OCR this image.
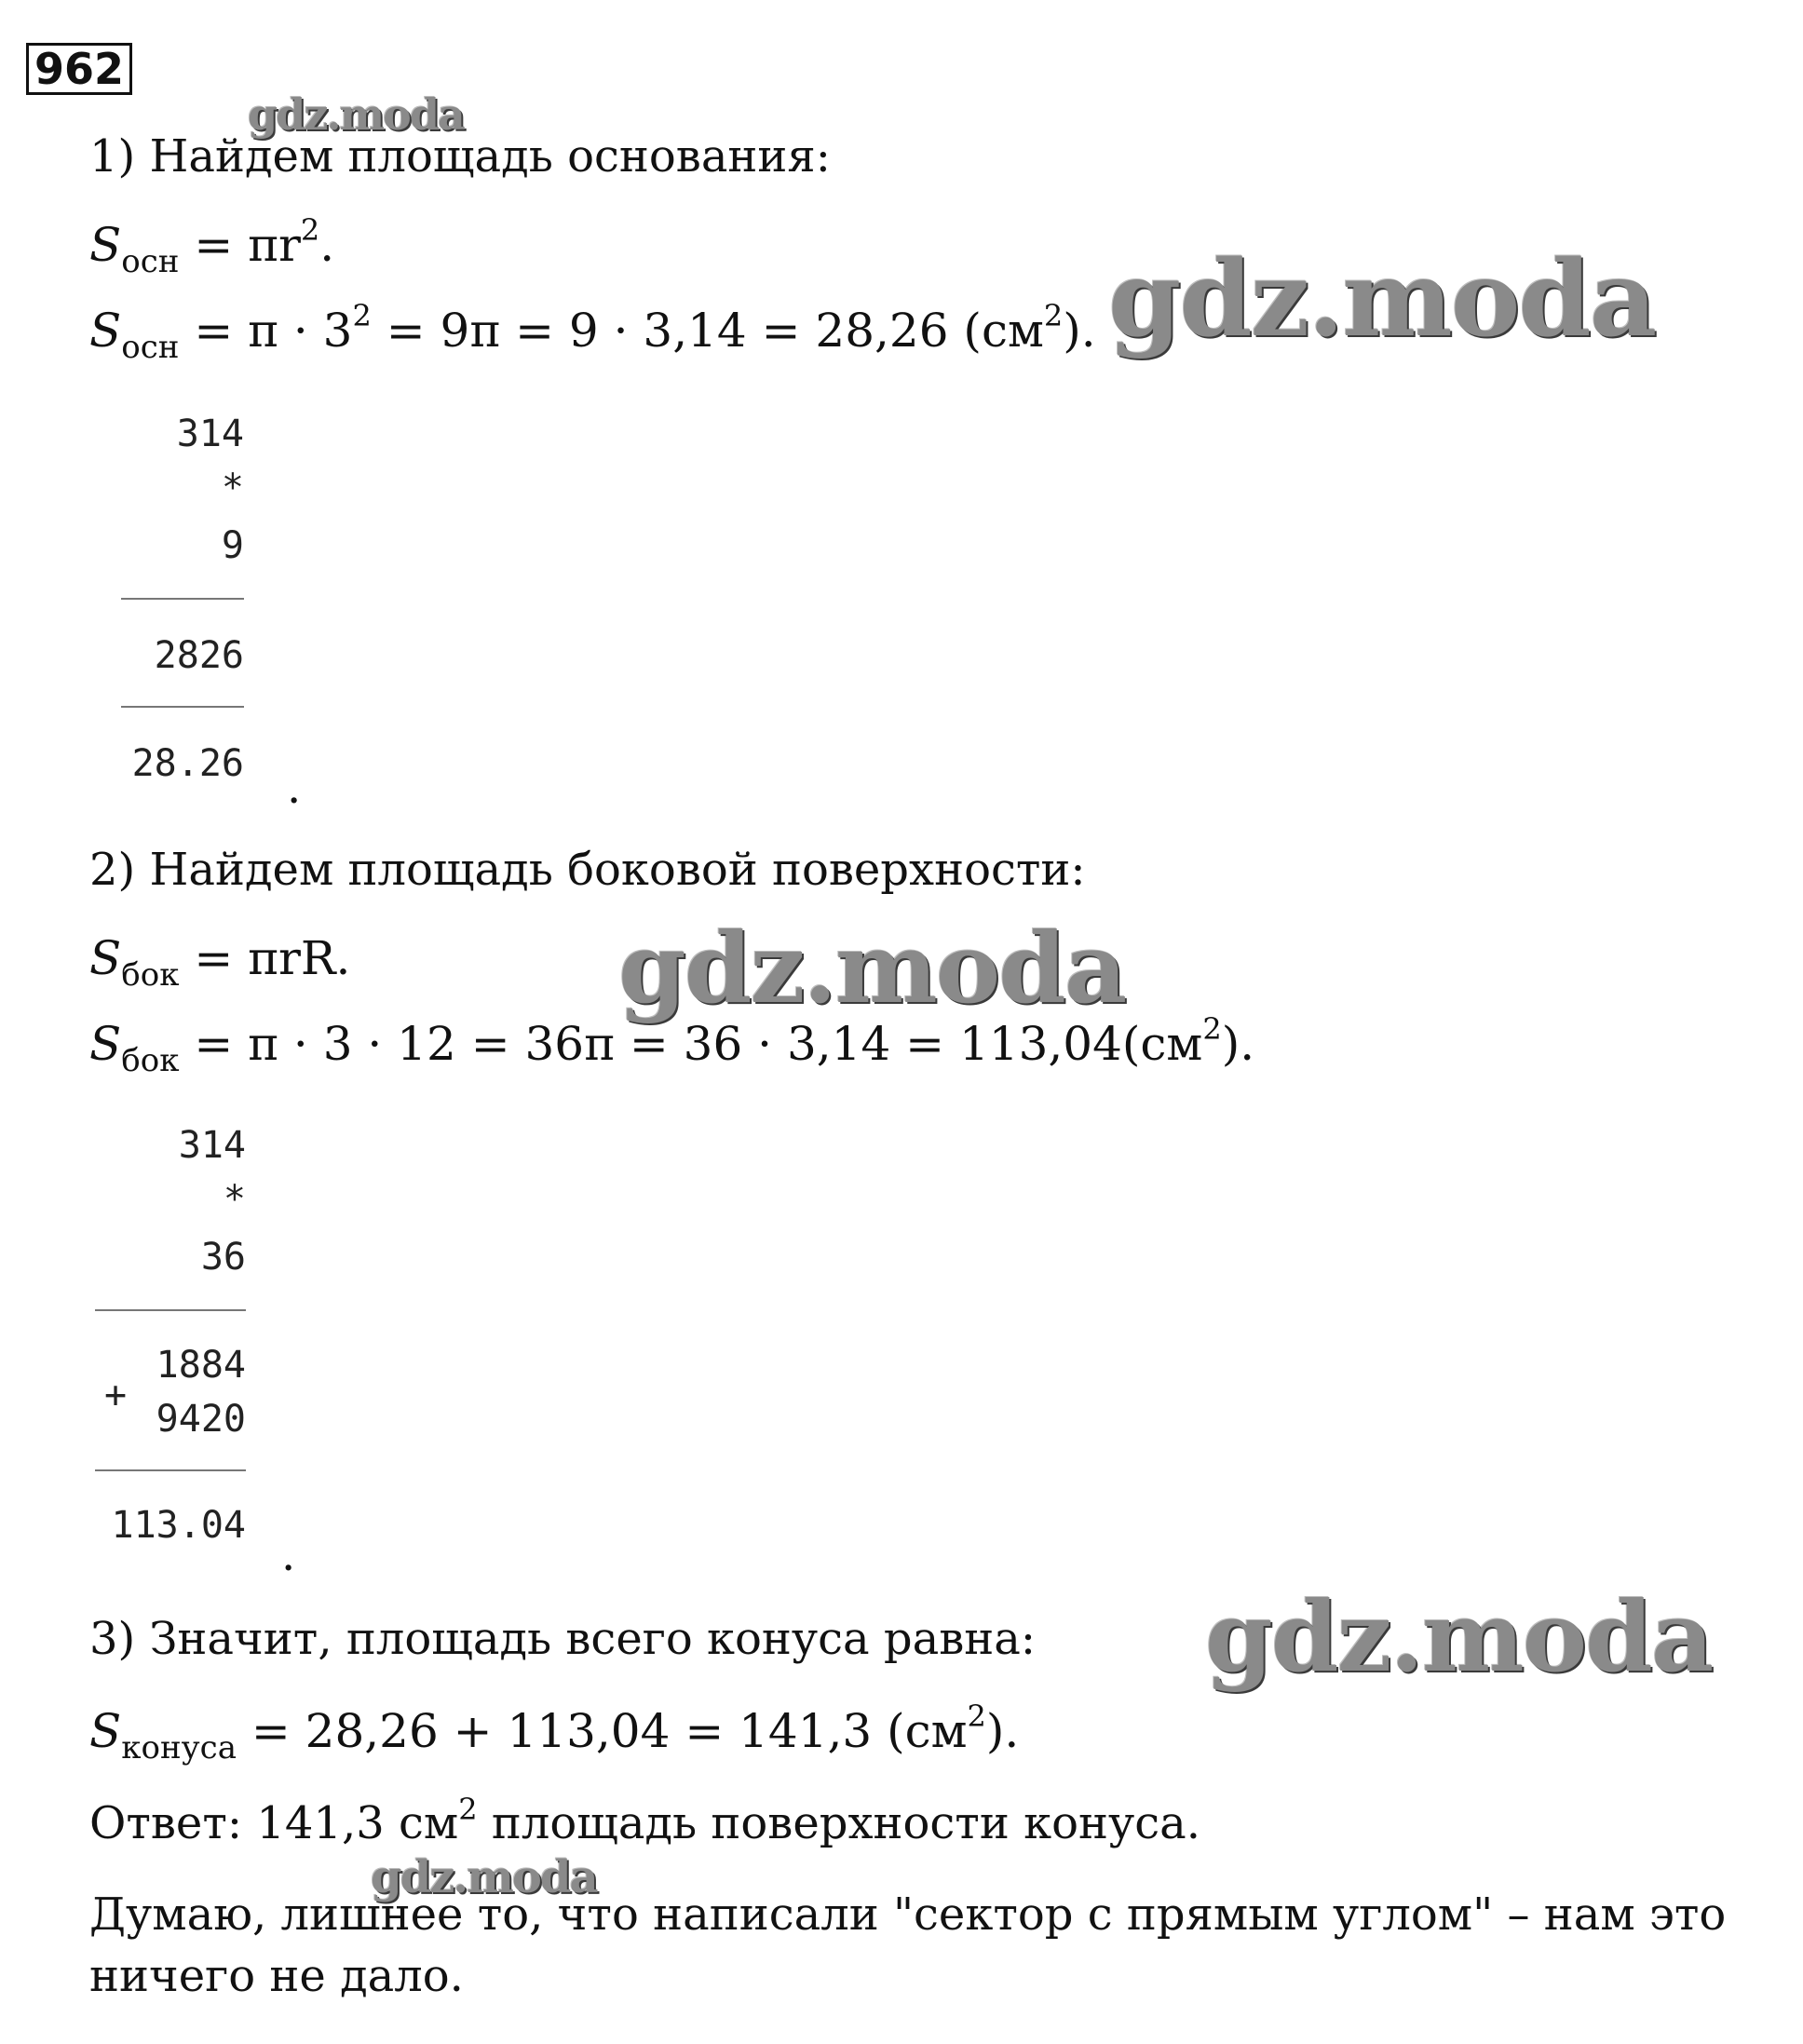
962
1) Найдем площадь основания:
$S_{осн} = \pi r^2$.
$S_{осн} = \pi \cdot 3^2 = 9\pi = 9 \cdot 3,14 = 28,26$ $(см^2)$.
314
*
9
2826
28.26 .
2) Найдем площадь боковой поверхности:
$S_{бок} = \pi rR$.
$S_{бок} = \pi \cdot 3 \cdot 12 = 36\pi = 36 \cdot 3,14 = 113,04(см^2)$.
314
*
36
1884
+
9420
113.04
.
3) Значит, площадь всего конуса равна:
$S_{конуса} = 28,26 + 113,04 = 141,3$ $(см^2)$.
Ответ: 141,3 $см^2$ площадь поверхности конуса.
Думаю, лишнее то, что написали "сектор с прямым углом" – нам это
ничего не дало.
gdz.moda
gdz.moda
gdz.moda
gdz.moda
gdz.moda
